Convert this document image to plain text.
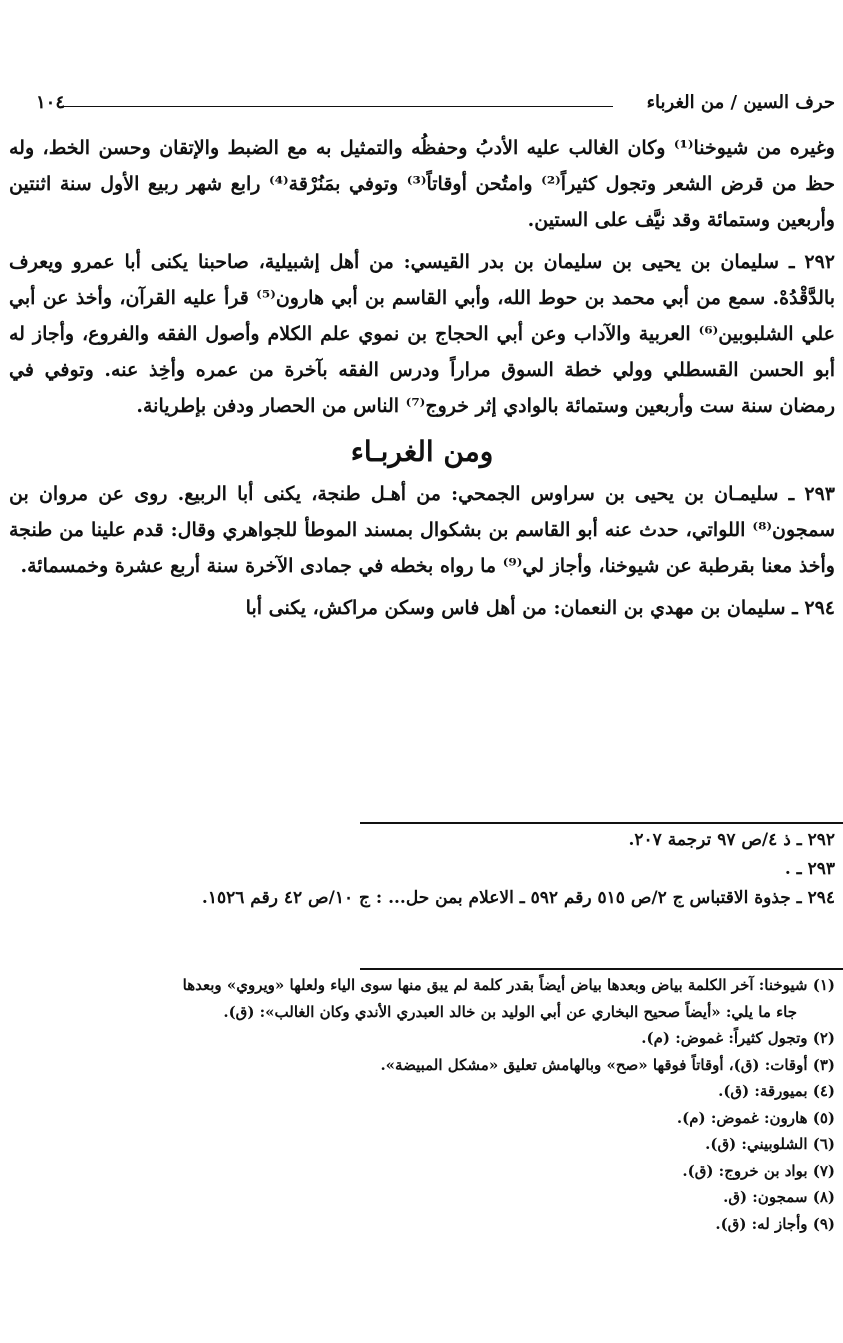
حرف السين / من الغرباء
١٠٤

وغيره من شيوخنا⁽¹⁾ وكان الغالب عليه الأدبُ وحفظُه والتمثيل به مع الضبط والإتقان وحسن الخط، وله حظ من قرض الشعر وتجول كثيراً⁽²⁾ وامتُحن أوقاتاً⁽³⁾ وتوفي بمَنُرْقة⁽⁴⁾ رابع شهر ربيع الأول سنة اثنتين وأربعين وستمائة وقد نيَّف على الستين.

٢٩٢ ـ سليمان بن يحيى بن سليمان بن بدر القيسي: من أهل إشبيلية، صاحبنا يكنى أبا عمرو ويعرف بالدَّقْدُهْ. سمع من أبي محمد بن حوط الله، وأبي القاسم بن أبي هارون⁽⁵⁾ قرأ عليه القرآن، وأخذ عن أبي علي الشلبوبين⁽⁶⁾ العربية والآداب وعن أبي الحجاج بن نموي علم الكلام وأصول الفقه والفروع، وأجاز له أبو الحسن القسطلي وولي خطة السوق مراراً ودرس الفقه بآخرة من عمره وأخِذ عنه. وتوفي في رمضان سنة ست وأربعين وستمائة بالوادي إثر خروج⁽⁷⁾ الناس من الحصار ودفن بإطريانة.

ومن الغربـاء

٢٩٣ ـ سليمـان بن يحيى بن سراوس الجمحي: من أهـل طنجة، يكنى أبا الربيع. روى عن مروان بن سمجون⁽⁸⁾ اللواتي، حدث عنه أبو القاسم بن بشكوال بمسند الموطأ للجواهري وقال: قدم علينا من طنجة وأخذ معنا بقرطبة عن شيوخنا، وأجاز لي⁽⁹⁾ ما رواه بخطه في جمادى الآخرة سنة أربع عشرة وخمسمائة.

٢٩٤ ـ سليمان بن مهدي بن النعمان: من أهل فاس وسكن مراكش، يكنى أبا

٢٩٢ ـ ذ ٤/ص ٩٧ ترجمة ٢٠٧.

٢٩٣ ـ .

٢٩٤ ـ جذوة الاقتباس ج ٢/ص ٥١٥ رقم ٥٩٢ ـ الاعلام بمن حل... : ج ١٠/ص ٤٢ رقم ١٥٢٦.

(١) شيوخنا: آخر الكلمة بياض وبعدها بياض أيضاً بقدر كلمة لم يبق منها سوى الياء ولعلها «ويروي» وبعدها

جاء ما يلي: «أيضاً صحيح البخاري عن أبي الوليد بن خالد العبدري الأندي وكان الغالب»: (ق).

(٢) وتجول كثيراً: غموض: (م).

(٣) أوقات: (ق)، أوقاتاً فوقها «صح» وبالهامش تعليق «مشكل المبيضة».

(٤) بميورقة: (ق).

(٥) هارون: غموض: (م).

(٦) الشلوبيني: (ق).

(٧) بواد بن خروج: (ق).

(٨) سمجون: (ق.

(٩) وأجاز له: (ق).
